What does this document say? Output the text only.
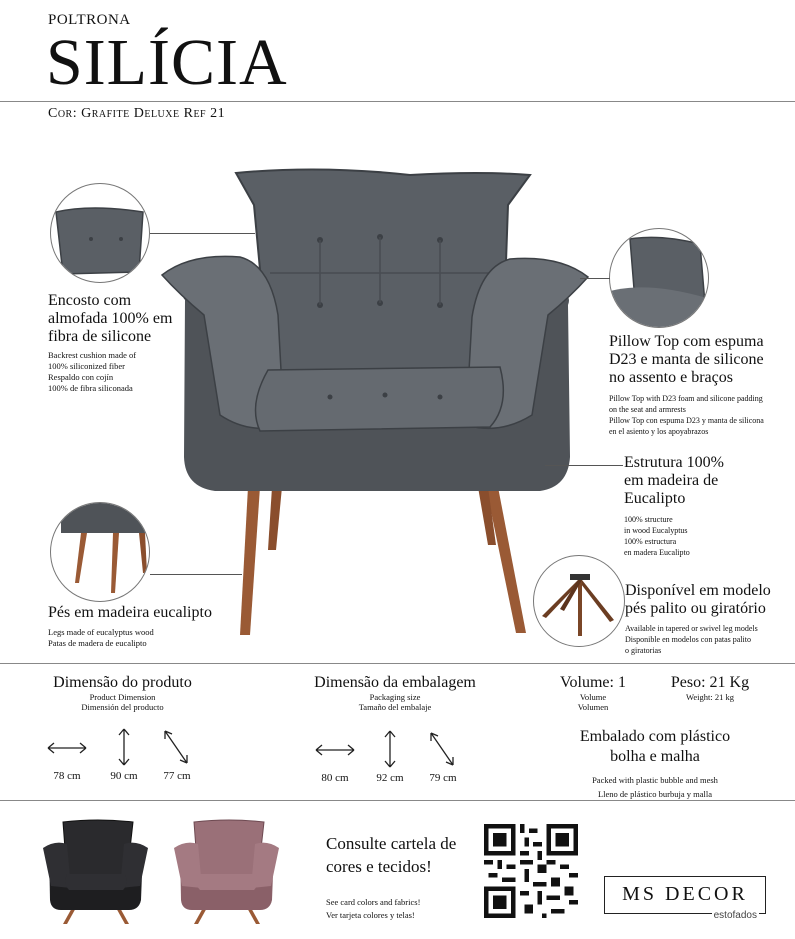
POLTRONA
SILÍCIA
Cor: Grafite Deluxe Ref 21
Encosto com
almofada 100% em
fibra de silicone
Backrest cushion made of
100% siliconized fiber
Respaldo con cojín
100% de fibra siliconada
Pillow Top com espuma
D23 e manta de silicone
no assento e braços
Pillow Top with D23 foam and silicone padding
on the seat and armrests
Pillow Top con espuma D23 y manta de silicona
en el asiento y los apoyabrazos
Estrutura 100%
em madeira de
Eucalipto
100% structure
in wood Eucalyptus
100% estructura
en madera Eucalipto
Pés em madeira eucalipto
Legs made of eucalyptus wood
Patas de madera de eucalipto
Disponível em modelo
pés palito ou giratório
Available in tapered or swivel leg models
Disponible en modelos con patas palito
o giratorias
Dimensão do produto
Product Dimension
Dimensión del producto
78 cm	90 cm	77 cm
Dimensão da embalagem
Packaging size
Tamaño del embalaje
80 cm	92 cm	79 cm
Volume: 1
Volume
Volumen
Peso: 21 Kg
Weight: 21 kg
Embalado com plástico
bolha e malha
Packed with plastic bubble and mesh
Lleno de plástico burbuja y malla
Consulte cartela de
cores e tecidos!
See card colors and fabrics!
Ver tarjeta colores y telas!
MS DECOR
estofados
